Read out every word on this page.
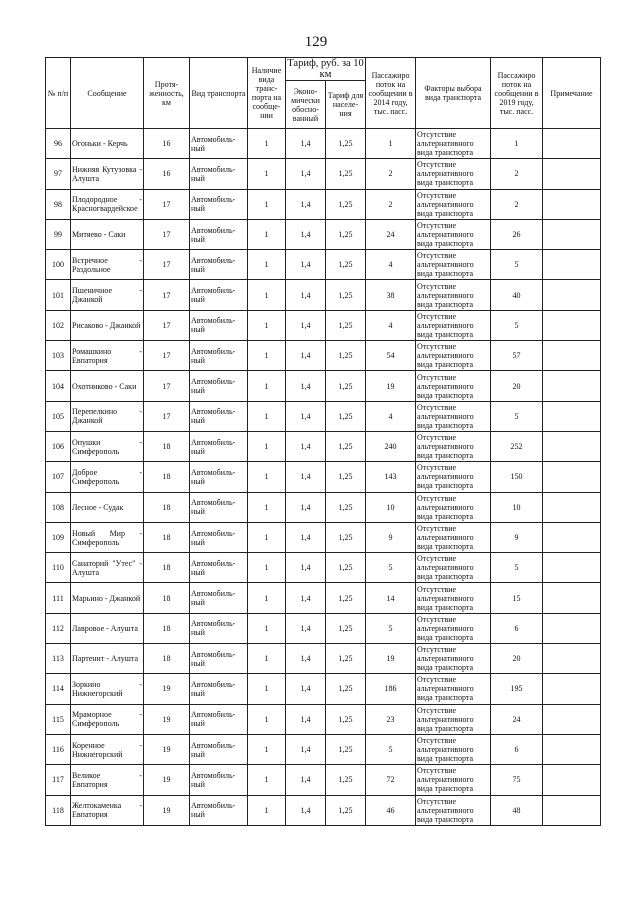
129
№ п/п	Сообщение	Протя-женность, км	Вид транспорта	Наличие вида транс-порта на сообще-нии	Тариф, руб. за 10 км		Пассажиро поток на сообщении в 2014 году, тыс. пасс.	Факторы выбора вида транспорта	Пассажиро поток на сообщении в 2019 году, тыс. пасс.	Примечание

					Эконо-мически обосно-ванный	Тариф для населе-ния				
96	Огоньки - Керчь	16	Автомобиль-ный	1	1,4	1,25	1	Отсутствие альтернативного вида транспорта	1	
97	Нижняя Кутузовка - Алушта	16	Автомобиль-ный	1	1,4	1,25	2	Отсутствие альтернативного вида транспорта	2	
98	Плодородное - Красногвардейское	17	Автомобиль-ный	1	1,4	1,25	2	Отсутствие альтернативного вида транспорта	2	
99	Митяево - Саки	17	Автомобиль-ный	1	1,4	1,25	24	Отсутствие альтернативного вида транспорта	26	
100	Встречное - Раздольное	17	Автомобиль-ный	1	1,4	1,25	4	Отсутствие альтернативного вида транспорта	5	
101	Пшеничное - Джанкой	17	Автомобиль-ный	1	1,4	1,25	38	Отсутствие альтернативного вида транспорта	40	
102	Рисаково - Джанкой	17	Автомобиль-ный	1	1,4	1,25	4	Отсутствие альтернативного вида транспорта	5	
103	Ромашкино - Евпатория	17	Автомобиль-ный	1	1,4	1,25	54	Отсутствие альтернативного вида транспорта	57	
104	Охотниково - Саки	17	Автомобиль-ный	1	1,4	1,25	19	Отсутствие альтернативного вида транспорта	20	
105	Перепелкино - Джанкой	17	Автомобиль-ный	1	1,4	1,25	4	Отсутствие альтернативного вида транспорта	5	
106	Опушки - Симферополь	18	Автомобиль-ный	1	1,4	1,25	240	Отсутствие альтернативного вида транспорта	252	
107	Доброе - Симферополь	18	Автомобиль-ный	1	1,4	1,25	143	Отсутствие альтернативного вида транспорта	150	
108	Лесное - Судак	18	Автомобиль-ный	1	1,4	1,25	10	Отсутствие альтернативного вида транспорта	10	
109	Новый Мир - Симферополь	18	Автомобиль-ный	1	1,4	1,25	9	Отсутствие альтернативного вида транспорта	9	
110	Санаторий "Утес" - Алушта	18	Автомобиль-ный	1	1,4	1,25	5	Отсутствие альтернативного вида транспорта	5	
111	Марьино - Джанкой	18	Автомобиль-ный	1	1,4	1,25	14	Отсутствие альтернативного вида транспорта	15	
112	Лавровое - Алушта	18	Автомобиль-ный	1	1,4	1,25	5	Отсутствие альтернативного вида транспорта	6	
113	Партенит - Алушта	18	Автомобиль-ный	1	1,4	1,25	19	Отсутствие альтернативного вида транспорта	20	
114	Зоркино - Нижнегорский	19	Автомобиль-ный	1	1,4	1,25	186	Отсутствие альтернативного вида транспорта	195	
115	Мраморное - Симферополь	19	Автомобиль-ный	1	1,4	1,25	23	Отсутствие альтернативного вида транспорта	24	
116	Коренное - Нижнегорский	19	Автомобиль-ный	1	1,4	1,25	5	Отсутствие альтернативного вида транспорта	6	
117	Великое - Евпатория	19	Автомобиль-ный	1	1,4	1,25	72	Отсутствие альтернативного вида транспорта	75	
118	Желтокаменка - Евпатория	19	Автомобиль-ный	1	1,4	1,25	46	Отсутствие альтернативного вида транспорта	48	
